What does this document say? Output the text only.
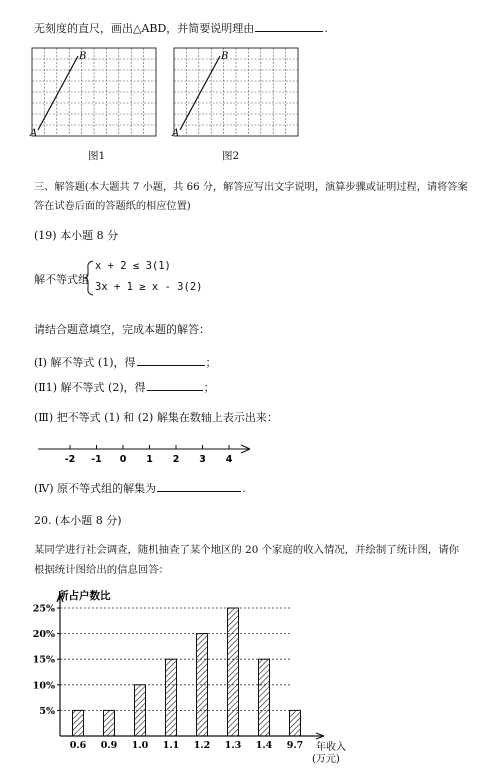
无刻度的直尺，画出△ABD，并简要说明理由	.
B
A
图1
B
A
图2
三、解答题(本大题共 7 小题，共 66 分，解答应写出文字说明，演算步骤或证明过程，请将答案
答在试卷后面的答题纸的相应位置)
(19) 本小题 8 分
解不等式组
x + 2 ≤ 3(1)
3x + 1 ≥ x - 3(2)
请结合题意填空，完成本题的解答：
(Ⅰ) 解不等式 (1)，得	；
(Ⅱ1) 解不等式 (2)，得	；
(Ⅲ) 把不等式 (1) 和 (2) 解集在数轴上表示出来：
-2 -1 0 1 2 3 4
(Ⅳ) 原不等式组的解集为	.
20. (本小题 8 分)
某同学进行社会调查，随机抽查了某个地区的 20 个家庭的收入情况，并绘制了统计图，请你
根据统计图给出的信息回答：
0.6 0.9 1.0 1.1 1.2 1.3 1.4 9.7
5%
10%
15%
20%
25%
所占户数比
年收入
(万元)
